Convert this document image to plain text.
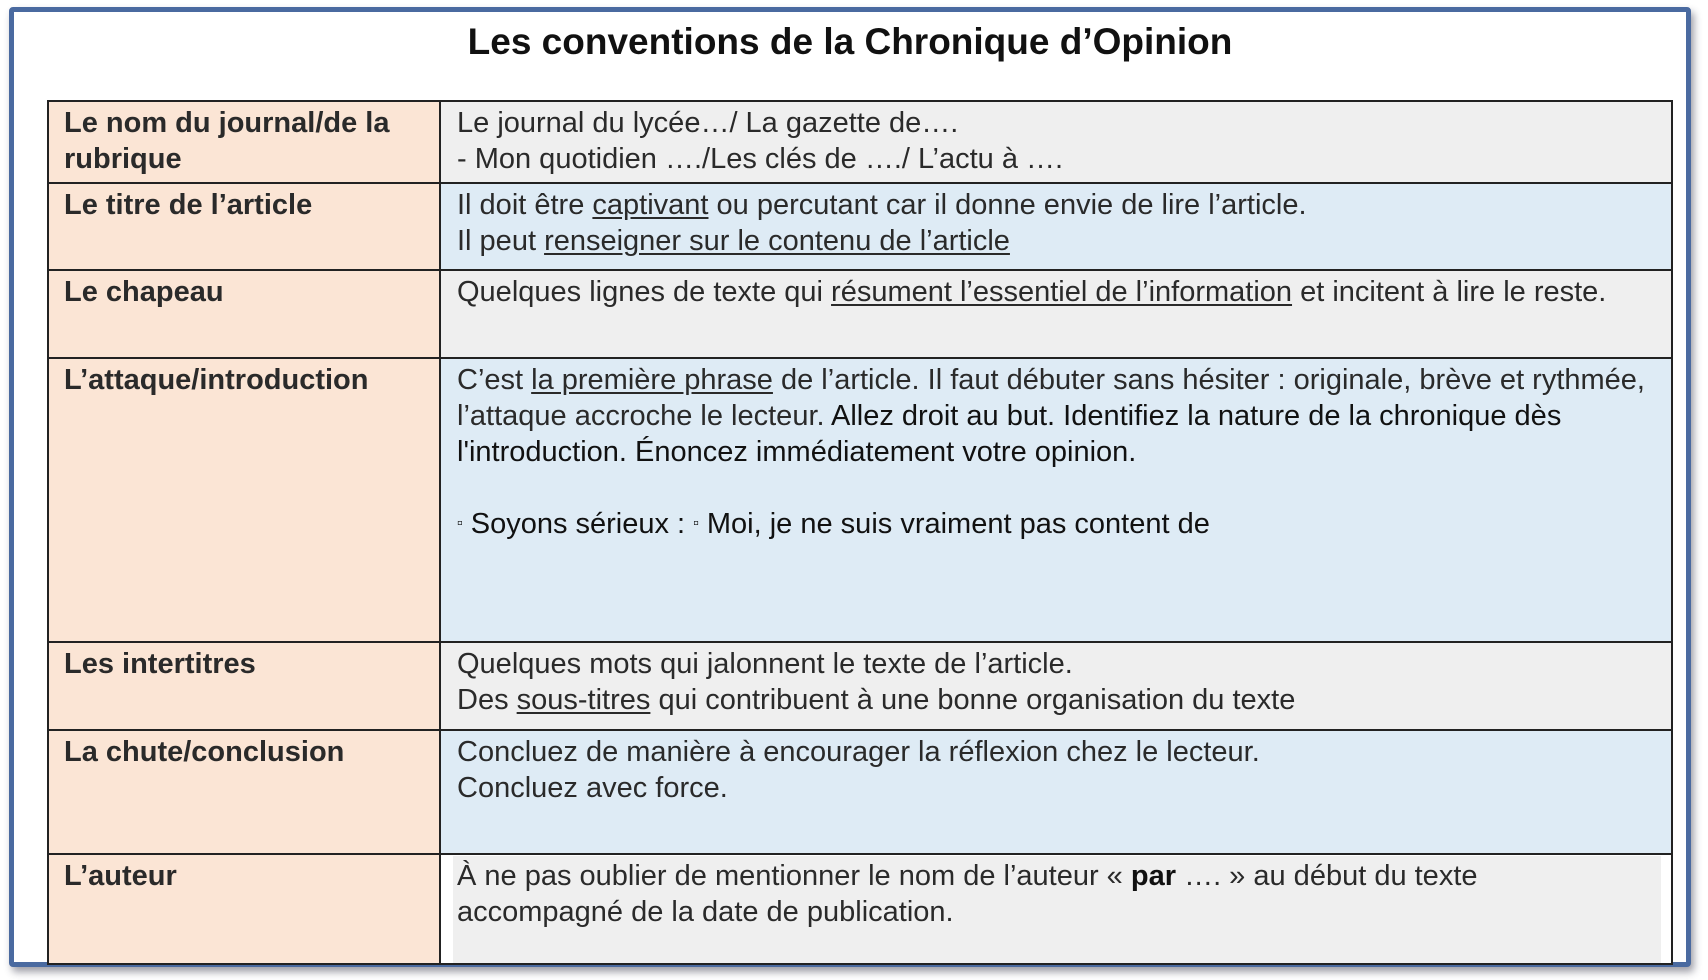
Les conventions de la Chronique d’Opinion
Le nom du journal/de la rubrique	Le journal du lycée…/ La gazette de….
- Mon quotidien …./Les clés de …./ L’actu à ….

Le titre de l’article	Il doit être captivant ou percutant car il donne envie de lire l’article.
Il peut renseigner sur le contenu de l’article

Le chapeau	Quelques lignes de texte qui résument l’essentiel de l’information et incitent à lire le reste.

L’attaque/introduction	C’est la première phrase de l’article. Il faut débuter sans hésiter : originale, brève et rythmée, l’attaque accroche le lecteur. Allez droit au but. Identifiez la nature de la chronique dès l'introduction. Énoncez immédiatement votre opinion.
▫ Soyons sérieux : ▫ Moi, je ne suis vraiment pas content de

Les intertitres	Quelques mots qui jalonnent le texte de l’article.
Des sous-titres qui contribuent à une bonne organisation du texte

La chute/conclusion	Concluez de manière à encourager la réflexion chez le lecteur.
Concluez avec force.

L’auteur	À ne pas oublier de mentionner le nom de l’auteur « par …. » au début du texte accompagné de la date de publication.
